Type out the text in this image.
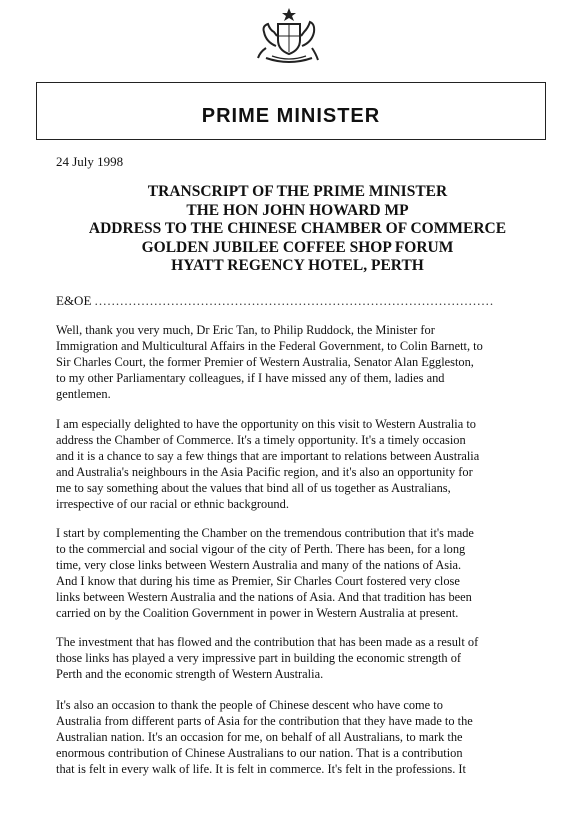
PRIME MINISTER
24 July 1998
TRANSCRIPT OF THE PRIME MINISTER
THE HON JOHN HOWARD MP
ADDRESS TO THE CHINESE CHAMBER OF COMMERCE
GOLDEN JUBILEE COFFEE SHOP FORUM
HYATT REGENCY HOTEL, PERTH
E&OE ..............................................................................................
Well, thank you very much, Dr Eric Tan, to Philip Ruddock, the Minister for
Immigration and Multicultural Affairs in the Federal Government, to Colin Barnett, to
Sir Charles Court, the former Premier of Western Australia, Senator Alan Eggleston,
to my other Parliamentary colleagues, if I have missed any of them, ladies and
gentlemen.
I am especially delighted to have the opportunity on this visit to Western Australia to
address the Chamber of Commerce. It's a timely opportunity. It's a timely occasion
and it is a chance to say a few things that are important to relations between Australia
and Australia's neighbours in the Asia Pacific region, and it's also an opportunity for
me to say something about the values that bind all of us together as Australians,
irrespective of our racial or ethnic background.
I start by complementing the Chamber on the tremendous contribution that it's made
to the commercial and social vigour of the city of Perth. There has been, for a long
time, very close links between Western Australia and many of the nations of Asia.
And I know that during his time as Premier, Sir Charles Court fostered very close
links between Western Australia and the nations of Asia. And that tradition has been
carried on by the Coalition Government in power in Western Australia at present.
The investment that has flowed and the contribution that has been made as a result of
those links has played a very impressive part in building the economic strength of
Perth and the economic strength of Western Australia.
It's also an occasion to thank the people of Chinese descent who have come to
Australia from different parts of Asia for the contribution that they have made to the
Australian nation. It's an occasion for me, on behalf of all Australians, to mark the
enormous contribution of Chinese Australians to our nation. That is a contribution
that is felt in every walk of life. It is felt in commerce. It's felt in the professions. It
